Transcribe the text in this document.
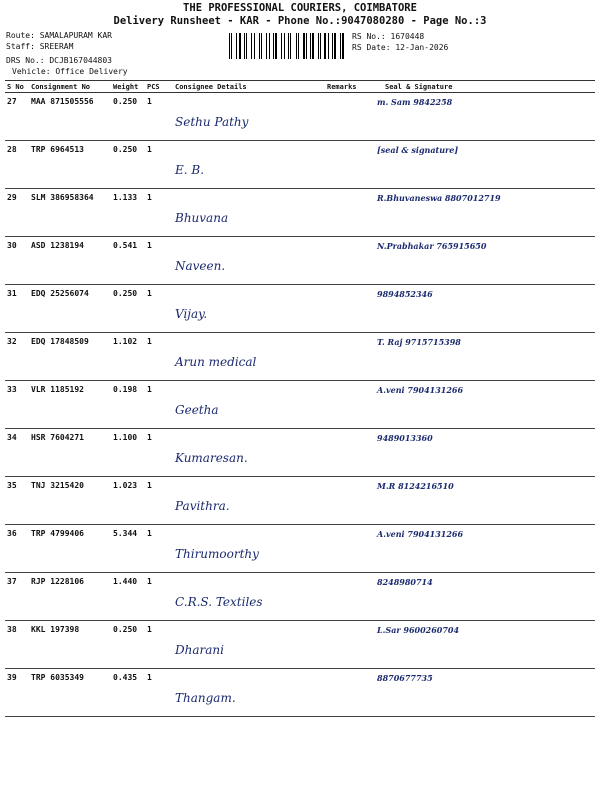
THE PROFESSIONAL COURIERS, COIMBATORE
Delivery Runsheet - KAR - Phone No.:9047080280 - Page No.:3
Route: SAMALAPURAM KAR
Staff: SREERAM
DRS No.: DCJB167044803
Vehicle: Office Delivery
RS No.: 1670448
RS Date: 12-Jan-2026
S No	Consignment No	Weight	PCS	Consignee Details	Remarks	Seal & Signature
27	MAA 871505556	0.250	1	Sethu Pathy		m. Sam 9842258
28	TRP 6964513	0.250	1	E. B.		[seal & signature]
29	SLM 386958364	1.133	1	Bhuvana		R.Bhuvaneswa 8807012719
30	ASD 1238194	0.541	1	Naveen.		N.Prabhakar 765915650
31	EDQ 25256074	0.250	1	Vijay.		9894852346
32	EDQ 17848509	1.102	1	Arun medical		T. Raj 9715715398
33	VLR 1185192	0.198	1	Geetha		A.veni 7904131266
34	HSR 7604271	1.100	1	Kumaresan.		9489013360
35	TNJ 3215420	1.023	1	Pavithra.		M.R 8124216510
36	TRP 4799406	5.344	1	Thirumoorthy		A.veni 7904131266
37	RJP 1228106	1.440	1	C.R.S. Textiles		8248980714
38	KKL 197398	0.250	1	Dharani		L.Sar 9600260704
39	TRP 6035349	0.435	1	Thangam.		8870677735
